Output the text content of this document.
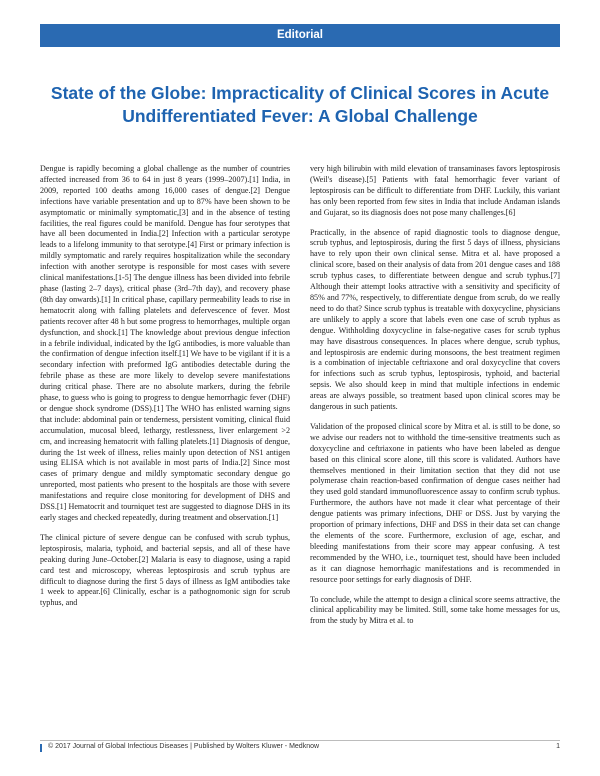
Editorial
State of the Globe: Impracticality of Clinical Scores in Acute Undifferentiated Fever: A Global Challenge

Dengue is rapidly becoming a global challenge as the number of countries affected increased from 36 to 64 in just 8 years (1999–2007).[1] India, in 2009, reported 100 deaths among 16,000 cases of dengue.[2] Dengue infections have variable presentation and up to 87% have been shown to be asymptomatic or minimally symptomatic,[3] and in the absence of testing facilities, the real figures could be manifold. Dengue has four serotypes that have all been documented in India.[2] Infection with a particular serotype leads to a lifelong immunity to that serotype.[4] First or primary infection is mildly symptomatic and rarely requires hospitalization while the secondary infection with another serotype is responsible for most cases with severe clinical manifestations.[1-5] The dengue illness has been divided into febrile phase (lasting 2–7 days), critical phase (3rd–7th day), and recovery phase (8th day onwards).[1] In critical phase, capillary permeability leads to rise in hematocrit along with falling platelets and defervescence of fever. Most patients recover after 48 h but some progress to hemorrhages, multiple organ dysfunction, and shock.[1] The knowledge about previous dengue infection in a febrile individual, indicated by the IgG antibodies, is more valuable than the confirmation of dengue infection itself.[1] We have to be vigilant if it is a secondary infection with preformed IgG antibodies detectable during the febrile phase as these are more likely to develop severe manifestations during critical phase. There are no absolute markers, during the febrile phase, to guess who is going to progress to dengue hemorrhagic fever (DHF) or dengue shock syndrome (DSS).[1] The WHO has enlisted warning signs that include: abdominal pain or tenderness, persistent vomiting, clinical fluid accumulation, mucosal bleed, lethargy, restlessness, liver enlargement >2 cm, and increasing hematocrit with falling platelets.[1] Diagnosis of dengue, during the 1st week of illness, relies mainly upon detection of NS1 antigen using ELISA which is not available in most parts of India.[2] Since most cases of primary dengue and mildly symptomatic secondary dengue go unreported, most patients who present to the hospitals are those with severe manifestations and require close monitoring for development of DHS and DSS.[1] Hematocrit and tourniquet test are suggested to diagnose DHS in its early stages and checked repeatedly, during treatment and observation.[1]

The clinical picture of severe dengue can be confused with scrub typhus, leptospirosis, malaria, typhoid, and bacterial sepsis, and all of these have peaking during June–October.[2] Malaria is easy to diagnose, using a rapid card test and microscopy, whereas leptospirosis and scrub typhus are difficult to diagnose during the first 5 days of illness as IgM antibodies take 1 week to appear.[6] Clinically, eschar is a pathognomonic sign for scrub typhus, and

very high bilirubin with mild elevation of transaminases favors leptospirosis (Weil's disease).[5] Patients with fatal hemorrhagic fever variant of leptospirosis can be difficult to differentiate from DHF. Luckily, this variant has only been reported from few sites in India that include Andaman islands and Gujarat, so its diagnosis does not pose many challenges.[6]

Practically, in the absence of rapid diagnostic tools to diagnose dengue, scrub typhus, and leptospirosis, during the first 5 days of illness, physicians have to rely upon their own clinical sense. Mitra et al. have proposed a clinical score, based on their analysis of data from 201 dengue cases and 188 scrub typhus cases, to differentiate between dengue and scrub typhus.[7] Although their attempt looks attractive with a sensitivity and specificity of 85% and 77%, respectively, to differentiate dengue from scrub, do we really need to do that? Since scrub typhus is treatable with doxycycline, physicians are unlikely to apply a score that labels even one case of scrub typhus as dengue. Withholding doxycycline in false-negative cases for scrub typhus may have disastrous consequences. In places where dengue, scrub typhus, and leptospirosis are endemic during monsoons, the best treatment regimen is a combination of injectable ceftriaxone and oral doxycycline that covers for infections such as scrub typhus, leptospirosis, typhoid, and bacterial sepsis. We also should keep in mind that multiple infections in endemic areas are always possible, so treatment based upon clinical scores may be dangerous in such patients.

Validation of the proposed clinical score by Mitra et al. is still to be done, so we advise our readers not to withhold the time-sensitive treatments such as doxycycline and ceftriaxone in patients who have been labeled as dengue based on this clinical score alone, till this score is validated. Authors have themselves mentioned in their limitation section that they did not use polymerase chain reaction-based confirmation of dengue cases neither had they used gold standard immunofluorescence assay to confirm scrub typhus. Furthermore, the authors have not made it clear what percentage of their dengue patients was primary infections, DHF or DSS. Just by varying the proportion of primary infections, DHF and DSS in their data set can change the elements of the score. Furthermore, exclusion of age, eschar, and bleeding manifestations from their score may appear confusing. A test recommended by the WHO, i.e., tourniquet test, should have been included as it can diagnose hemorrhagic manifestations and is recommended in resource poor settings for early diagnosis of DHF.

To conclude, while the attempt to design a clinical score seems attractive, the clinical applicability may be limited. Still, some take home messages for us, from the study by Mitra et al. to

© 2017 Journal of Global Infectious Diseases | Published by Wolters Kluwer - Medknow	1
